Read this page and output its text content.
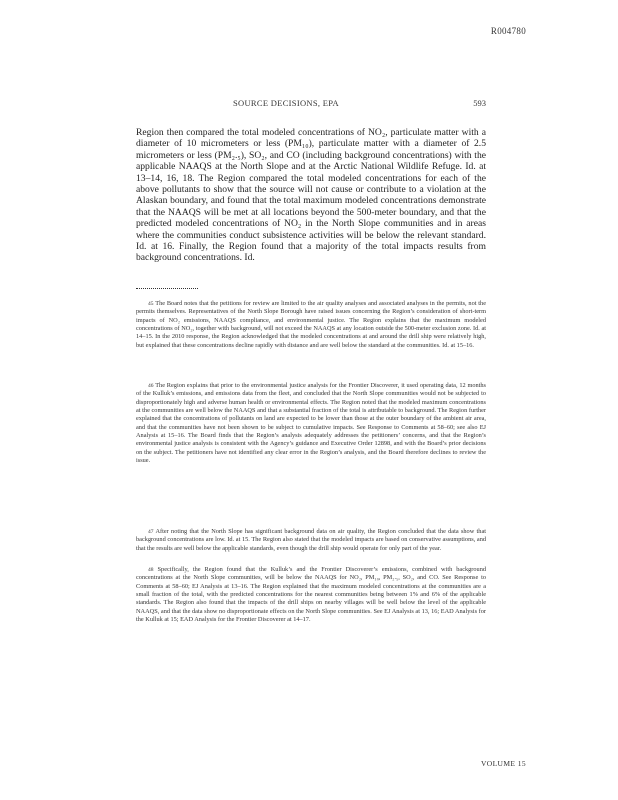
R004780
SOURCE DECISIONS, EPA	593

Region then compared the total modeled concentrations of NO₂, particulate matter with a diameter of 10 micrometers or less (PM₁₀), particulate matter with a diameter of 2.5 micrometers or less (PM₂.₅), SO₂, and CO (including background concentrations) with the applicable NAAQS at the North Slope and at the Arctic National Wildlife Refuge. Id. at 13–14, 16, 18. The Region compared the total modeled concentrations for each of the above pollutants to show that the source will not cause or contribute to a violation at the Alaskan boundary, and found that the total maximum modeled concentrations demonstrate that the NAAQS will be met at all locations beyond the 500-meter boundary, and that the predicted modeled concentrations of NO₂ in the North Slope communities and in areas where the communities conduct subsistence activities will be below the relevant standard. Id. at 16. Finally, the Region found that a majority of the total impacts results from background concentrations. Id.

45 The Board notes that the petitions for review are limited to the air quality analyses and associated analyses in the permits, not the permits themselves. Representatives of the North Slope Borough have raised issues concerning the Region’s consideration of short-term impacts of NO₂ emissions, NAAQS compliance, and environmental justice. The Region explains that the maximum modeled concentrations of NO₂, together with background, will not exceed the NAAQS at any location outside the 500-meter exclusion zone. Id. at 14–15. In the 2010 response, the Region acknowledged that the modeled concentrations at and around the drill ship were relatively high, but explained that these concentrations decline rapidly with distance and are well below the standard at the communities. Id. at 15–16.

46 The Region explains that prior to the environmental justice analysis for the Frontier Discoverer, it used operating data, 12 months of the Kulluk’s emissions, and emissions data from the fleet, and concluded that the North Slope communities would not be subjected to disproportionately high and adverse human health or environmental effects. The Region noted that the modeled maximum concentrations at the communities are well below the NAAQS and that a substantial fraction of the total is attributable to background. The Region further explained that the concentrations of pollutants on land are expected to be lower than those at the outer boundary of the ambient air area, and that the communities have not been shown to be subject to cumulative impacts. See Response to Comments at 58–60; see also EJ Analysis at 15–16. The Board finds that the Region’s analysis adequately addresses the petitioners’ concerns, and that the Region’s environmental justice analysis is consistent with the Agency’s guidance and Executive Order 12898, and with the Board’s prior decisions on the subject. The petitioners have not identified any clear error in the Region’s analysis, and the Board therefore declines to review the issue.

47 After noting that the North Slope has significant background data on air quality, the Region concluded that the data show that background concentrations are low. Id. at 15. The Region also stated that the modeled impacts are based on conservative assumptions, and that the results are well below the applicable standards, even though the drill ship would operate for only part of the year.

48 Specifically, the Region found that the Kulluk’s and the Frontier Discoverer’s emissions, combined with background concentrations at the North Slope communities, will be below the NAAQS for NO₂, PM₁₀, PM₂.₅, SO₂, and CO. See Response to Comments at 58–60; EJ Analysis at 13–16. The Region explained that the maximum modeled concentrations at the communities are a small fraction of the total, with the predicted concentrations for the nearest communities being between 1% and 6% of the applicable standards. The Region also found that the impacts of the drill ships on nearby villages will be well below the level of the applicable NAAQS, and that the data show no disproportionate effects on the North Slope communities. See EJ Analysis at 13, 16; EAD Analysis for the Kulluk at 15; EAD Analysis for the Frontier Discoverer at 14–17.

VOLUME 15
